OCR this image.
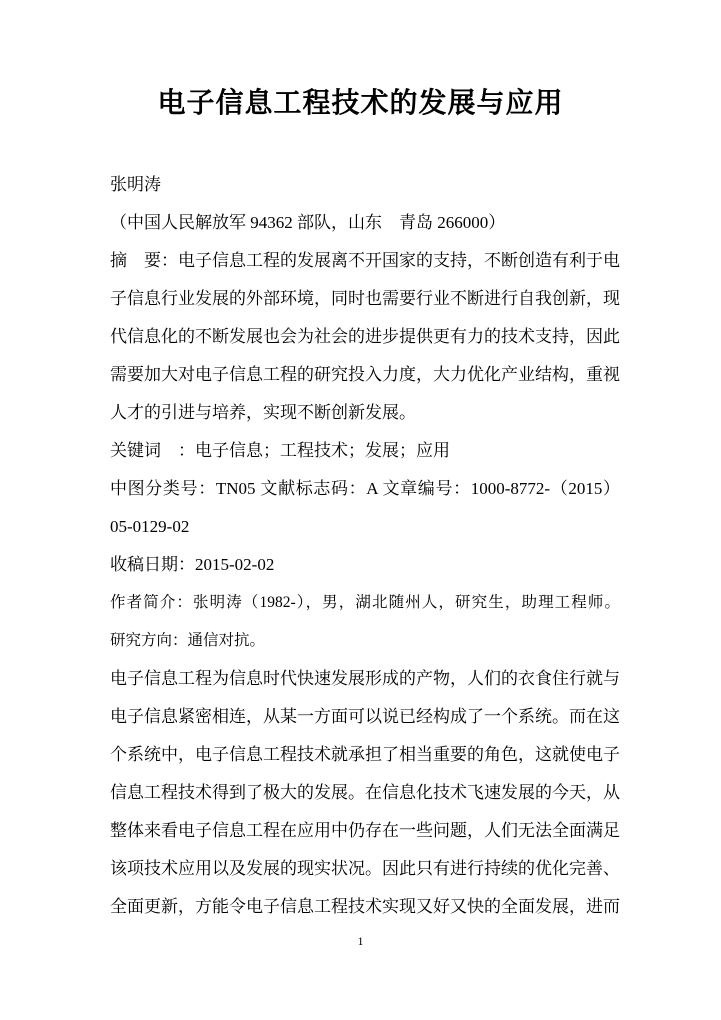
电子信息工程技术的发展与应用
张明涛
（中国人民解放军 94362 部队，山东　青岛 266000）
摘　要：电子信息工程的发展离不开国家的支持，不断创造有利于电
子信息行业发展的外部环境，同时也需要行业不断进行自我创新，现
代信息化的不断发展也会为社会的进步提供更有力的技术支持，因此
需要加大对电子信息工程的研究投入力度，大力优化产业结构，重视
人才的引进与培养，实现不断创新发展。
关键词　：电子信息；工程技术；发展；应用
中图分类号：TN05 文献标志码：A 文章编号：1000-8772-（2015）
05-0129-02
收稿日期：2015-02-02
作者简介：张明涛（1982-），男，湖北随州人，研究生，助理工程师。
研究方向：通信对抗。
电子信息工程为信息时代快速发展形成的产物，人们的衣食住行就与
电子信息紧密相连，从某一方面可以说已经构成了一个系统。而在这
个系统中，电子信息工程技术就承担了相当重要的角色，这就使电子
信息工程技术得到了极大的发展。在信息化技术飞速发展的今天，从
整体来看电子信息工程在应用中仍存在一些问题，人们无法全面满足
该项技术应用以及发展的现实状况。因此只有进行持续的优化完善、
全面更新，方能令电子信息工程技术实现又好又快的全面发展，进而
1
